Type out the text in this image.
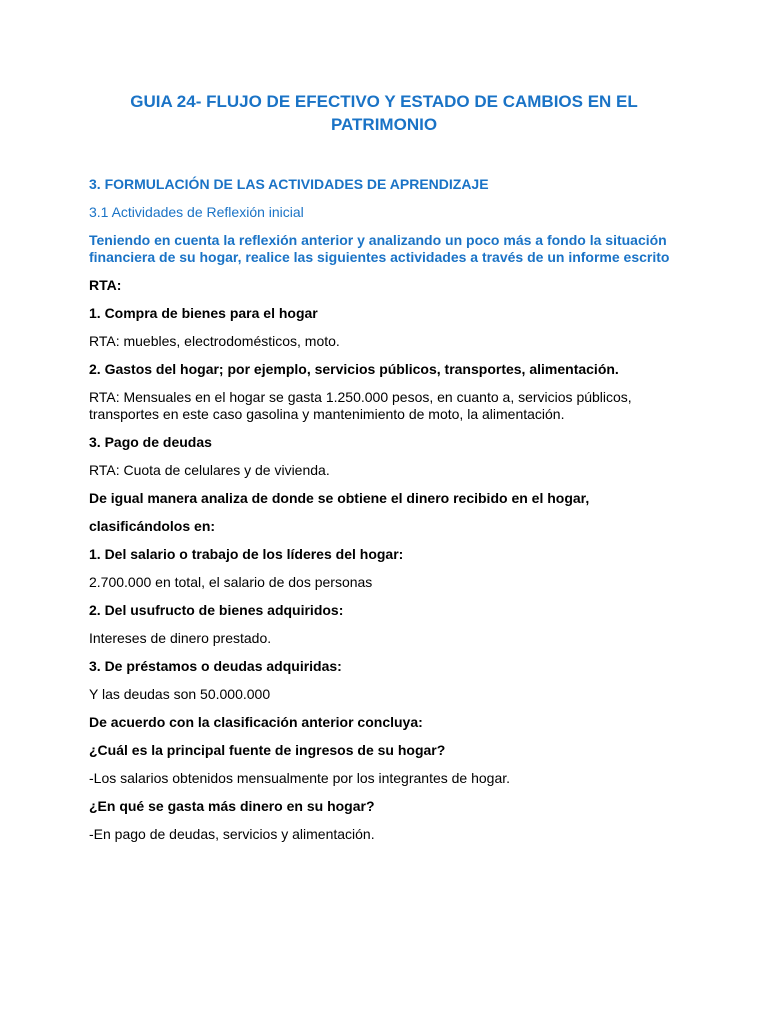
GUIA 24- FLUJO DE EFECTIVO Y ESTADO DE CAMBIOS EN EL PATRIMONIO
3. FORMULACIÓN DE LAS ACTIVIDADES DE APRENDIZAJE
3.1 Actividades de Reflexión inicial
Teniendo en cuenta la reflexión anterior y analizando un poco más a fondo la situación
financiera de su hogar, realice las siguientes actividades a través de un informe escrito
RTA:
1. Compra de bienes para el hogar
RTA: muebles, electrodomésticos, moto.
2. Gastos del hogar; por ejemplo, servicios públicos, transportes, alimentación.
RTA: Mensuales en el hogar se gasta 1.250.000 pesos, en cuanto a, servicios públicos,
transportes en este caso gasolina y mantenimiento de moto, la alimentación.
3. Pago de deudas
RTA: Cuota de celulares y de vivienda.
De igual manera analiza de donde se obtiene el dinero recibido en el hogar,
clasificándolos en:
1. Del salario o trabajo de los líderes del hogar:
2.700.000 en total, el salario de dos personas
2. Del usufructo de bienes adquiridos:
Intereses de dinero prestado.
3. De préstamos o deudas adquiridas:
Y las deudas son 50.000.000
De acuerdo con la clasificación anterior concluya:
¿Cuál es la principal fuente de ingresos de su hogar?
-Los salarios obtenidos mensualmente por los integrantes de hogar.
¿En qué se gasta más dinero en su hogar?
-En pago de deudas, servicios y alimentación.
